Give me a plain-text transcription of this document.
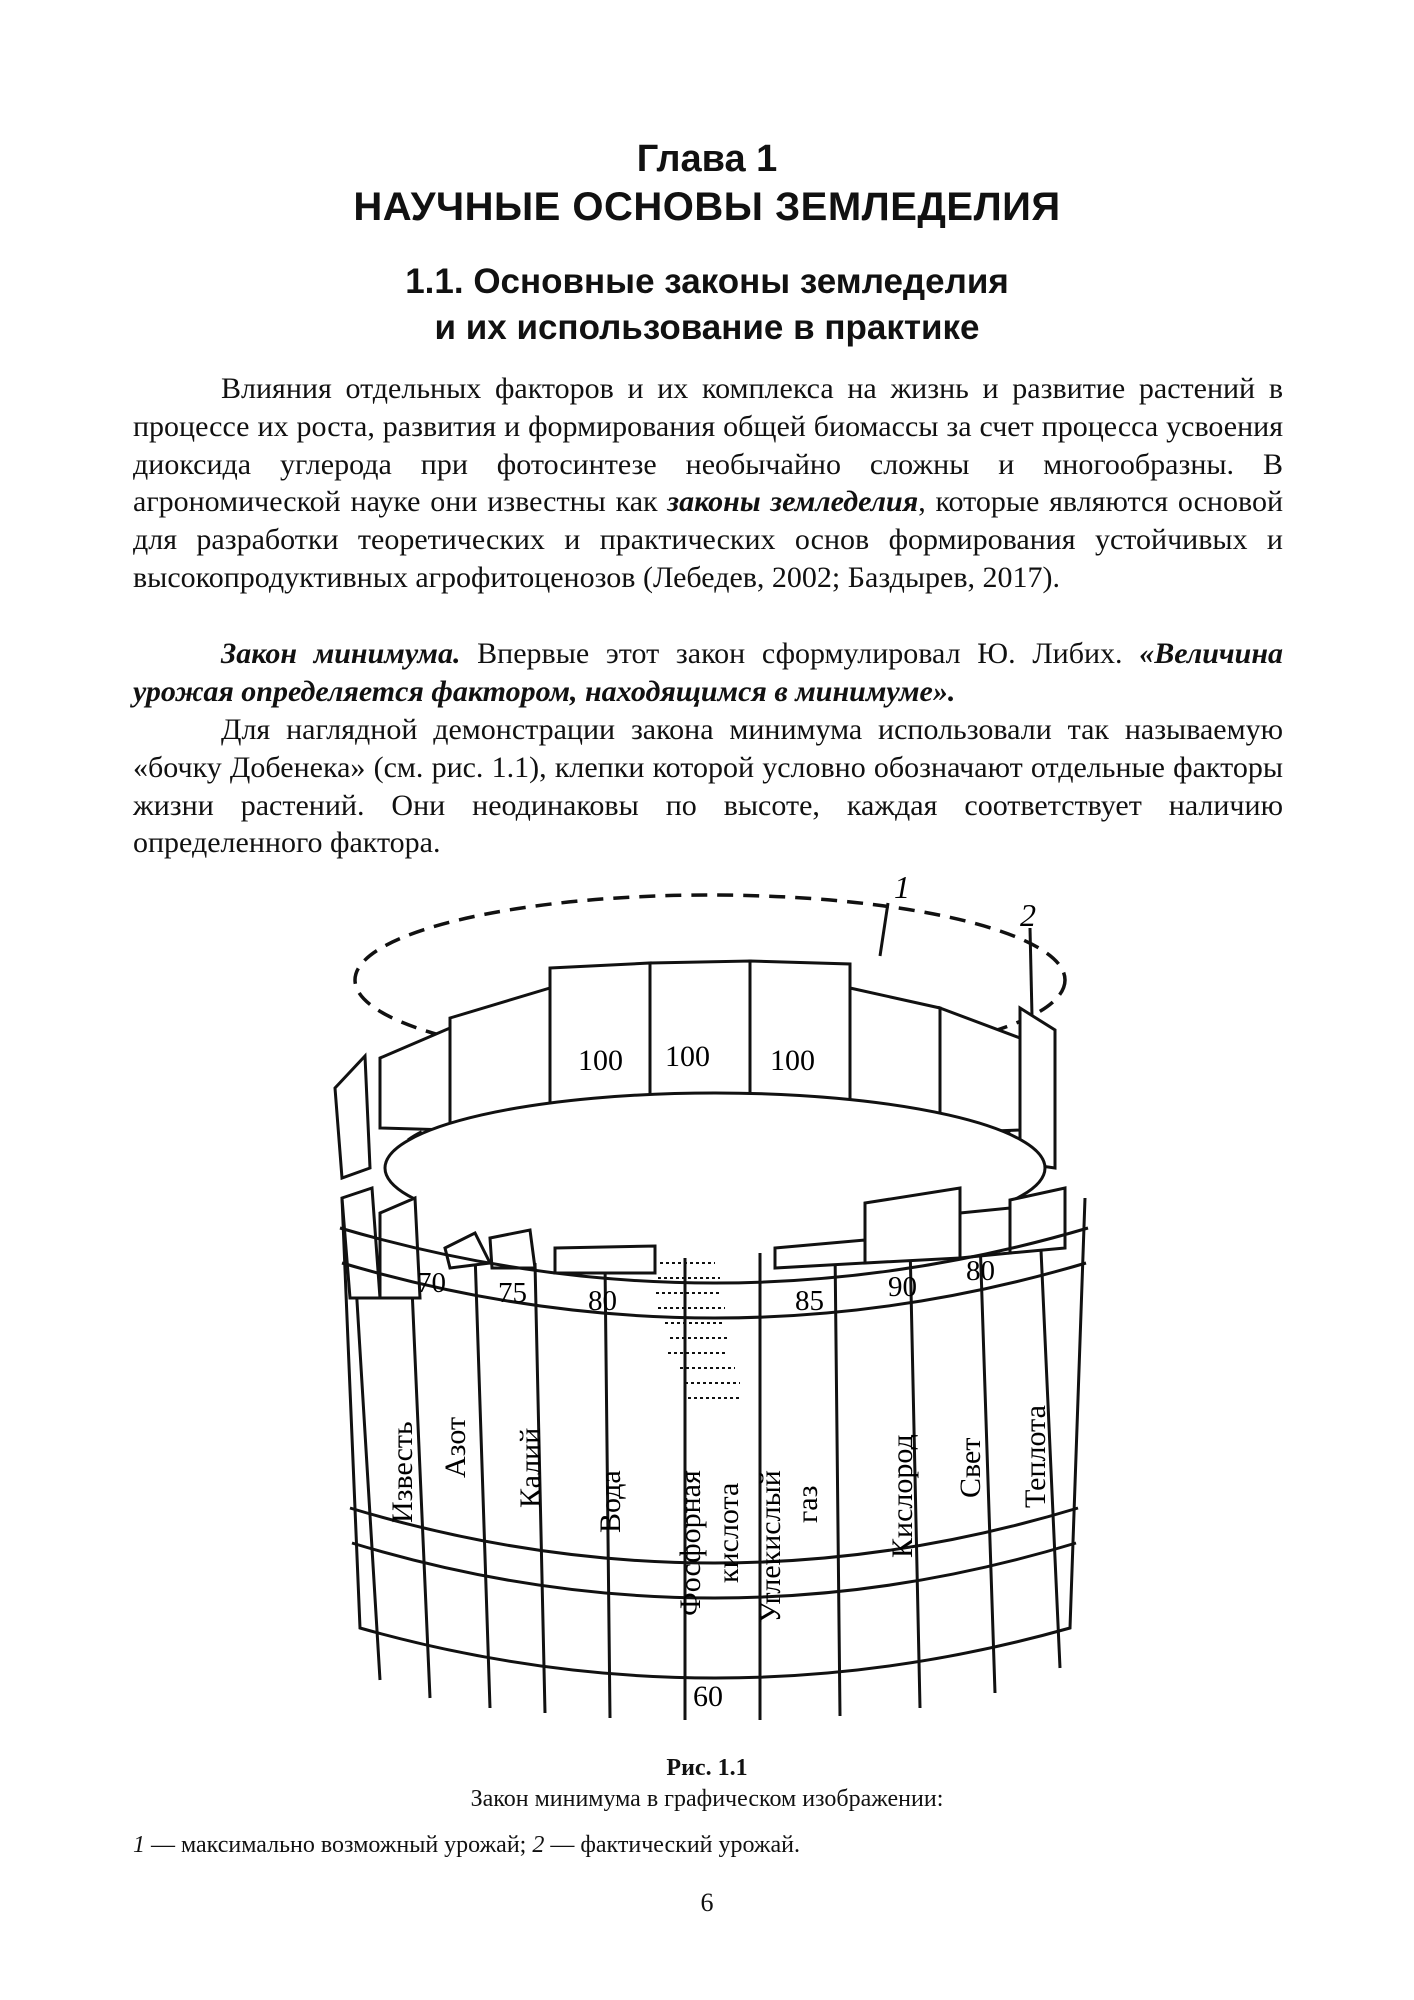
Глава 1
НАУЧНЫЕ ОСНОВЫ ЗЕМЛЕДЕЛИЯ
1.1. Основные законы земледелия
и их использование в практике

Влияния отдельных факторов и их комплекса на жизнь и развитие растений в процессе их роста, развития и формирования общей биомассы за счет процесса усвоения диоксида углерода при фотосинтезе необычайно сложны и многообразны. В агрономической науке они известны как законы земледелия, которые являются основой для разработки теоретических и практических основ формирования устойчивых и высокопродуктивных агрофитоценозов (Лебедев, 2002; Баздырев, 2017).

Закон минимума. Впервые этот закон сформулировал Ю. Либих. «Величина урожая определяется фактором, находящимся в минимуме».

Для наглядной демонстрации закона минимума использовали так называемую «бочку Добенека» (см. рис. 1.1), клепки которой условно обозначают отдельные факторы жизни растений. Они неодинаковы по высоте, каждая соответствует наличию определенного фактора.

1
2
100 100 100
70 75 80	85 90 80
60
Известь Азот Калий Вода Фосфорная кислота Углекислый газ Кислород Свет Теплота
Рис. 1.1
Закон минимума в графическом изображении:
1 — максимально возможный урожай; 2 — фактический урожай.
6
